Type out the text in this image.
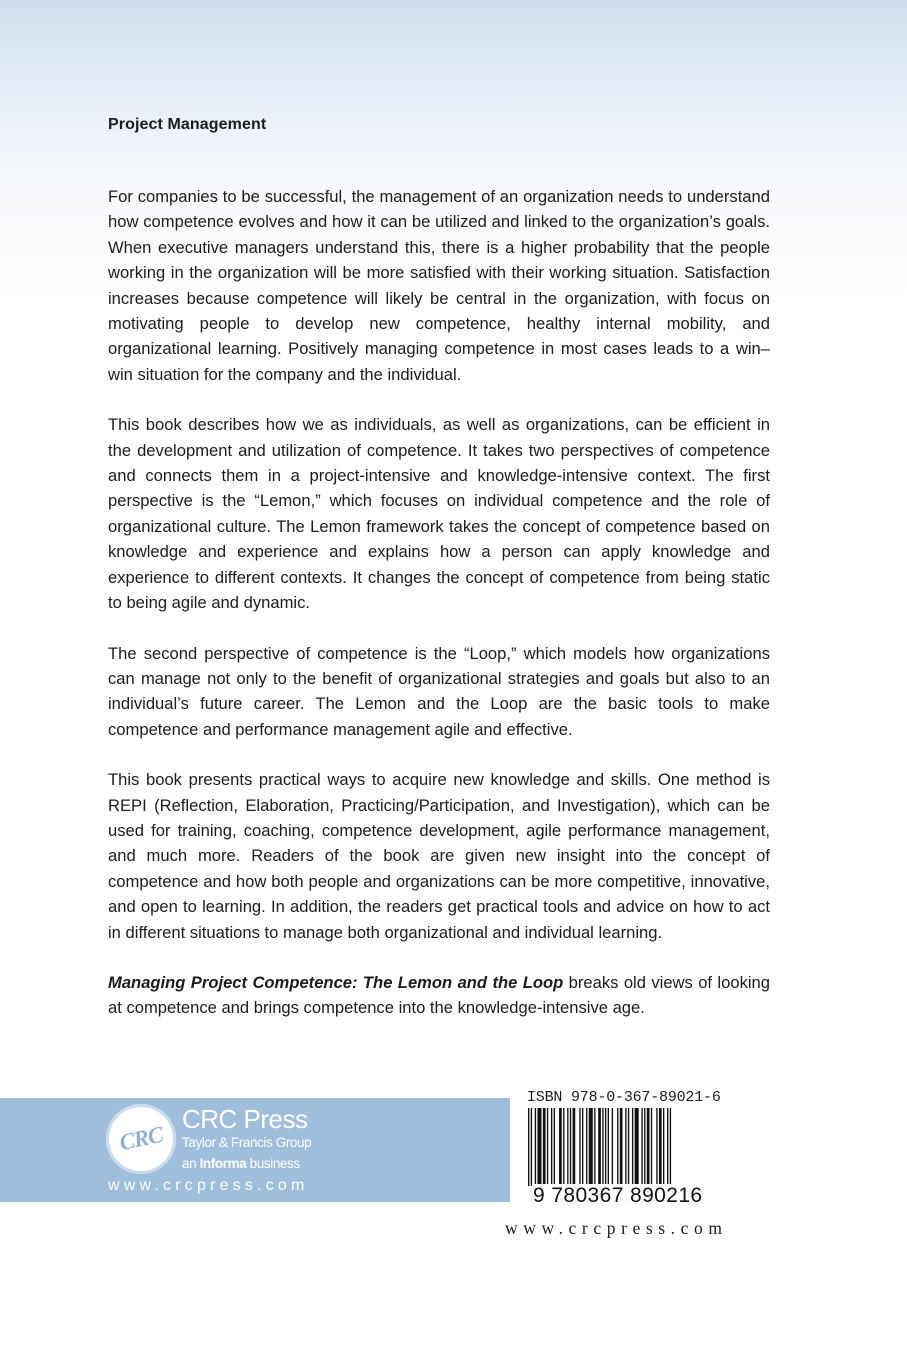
Project Management

For companies to be successful, the management of an organization needs to understand how competence evolves and how it can be utilized and linked to the organization’s goals. When executive managers understand this, there is a higher probability that the people working in the organization will be more satisfied with their working situation. Satisfaction increases because competence will likely be central in the organization, with focus on motivating people to develop new competence, healthy internal mobility, and organizational learning. Positively managing competence in most cases leads to a win–win situation for the company and the individual.

This book describes how we as individuals, as well as organizations, can be efficient in the development and utilization of competence. It takes two perspectives of competence and connects them in a project-intensive and knowledge-intensive context. The first perspective is the “Lemon,” which focuses on individual competence and the role of organizational culture. The Lemon framework takes the concept of competence based on knowledge and experience and explains how a person can apply knowledge and experience to different contexts. It changes the concept of competence from being static to being agile and dynamic.

The second perspective of competence is the “Loop,” which models how organizations can manage not only to the benefit of organizational strategies and goals but also to an individual’s future career. The Lemon and the Loop are the basic tools to make competence and performance management agile and effective.

This book presents practical ways to acquire new knowledge and skills. One method is REPI (Reflection, Elaboration, Practicing/Participation, and Investigation), which can be used for training, coaching, competence development, agile performance management, and much more. Readers of the book are given new insight into the concept of competence and how both people and organizations can be more competitive, innovative, and open to learning. In addition, the readers get practical tools and advice on how to act in different situations to manage both organizational and individual learning.

Managing Project Competence: The Lemon and the Loop breaks old views of looking at competence and brings competence into the knowledge-intensive age.

CRC
CRC Press
Taylor & Francis Group
an Informa business
www.crcpress.com
ISBN 978-0-367-89021-6
9 780367 890216
www.crcpress.com
